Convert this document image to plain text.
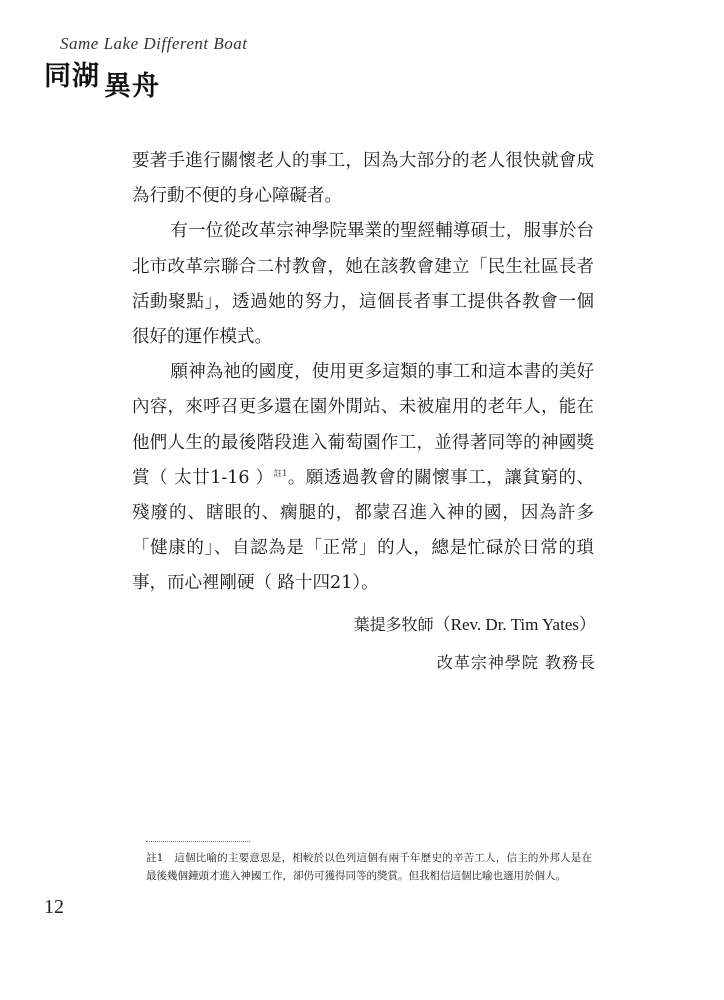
Same Lake Different Boat
同湖 異舟

要著手進行關懷老人的事工，因為大部分的老人很快就會成為行動不便的身心障礙者。

有一位從改革宗神學院畢業的聖經輔導碩士，服事於台北市改革宗聯合二村教會，她在該教會建立「民生社區長者活動聚點」，透過她的努力，這個長者事工提供各教會一個很好的運作模式。

願神為祂的國度，使用更多這類的事工和這本書的美好內容，來呼召更多還在園外閒站、未被雇用的老年人，能在他們人生的最後階段進入葡萄園作工，並得著同等的神國獎賞（ 太廿1-16 ）$^{註1}$。願透過教會的關懷事工，讓貧窮的、殘廢的、瞎眼的、瘸腿的，都蒙召進入神的國，因為許多「健康的」、自認為是「正常」的人，總是忙碌於日常的瑣事，而心裡剛硬（ 路十四21）。

葉提多牧師（Rev. Dr. Tim Yates）
改革宗神學院 教務長
註1　這個比喻的主要意思是，相較於以色列這個有兩千年歷史的辛苦工人，信主的外邦人是在最後幾個鐘頭才進入神國工作，卻仍可獲得同等的獎賞。但我相信這個比喻也適用於個人。
12
